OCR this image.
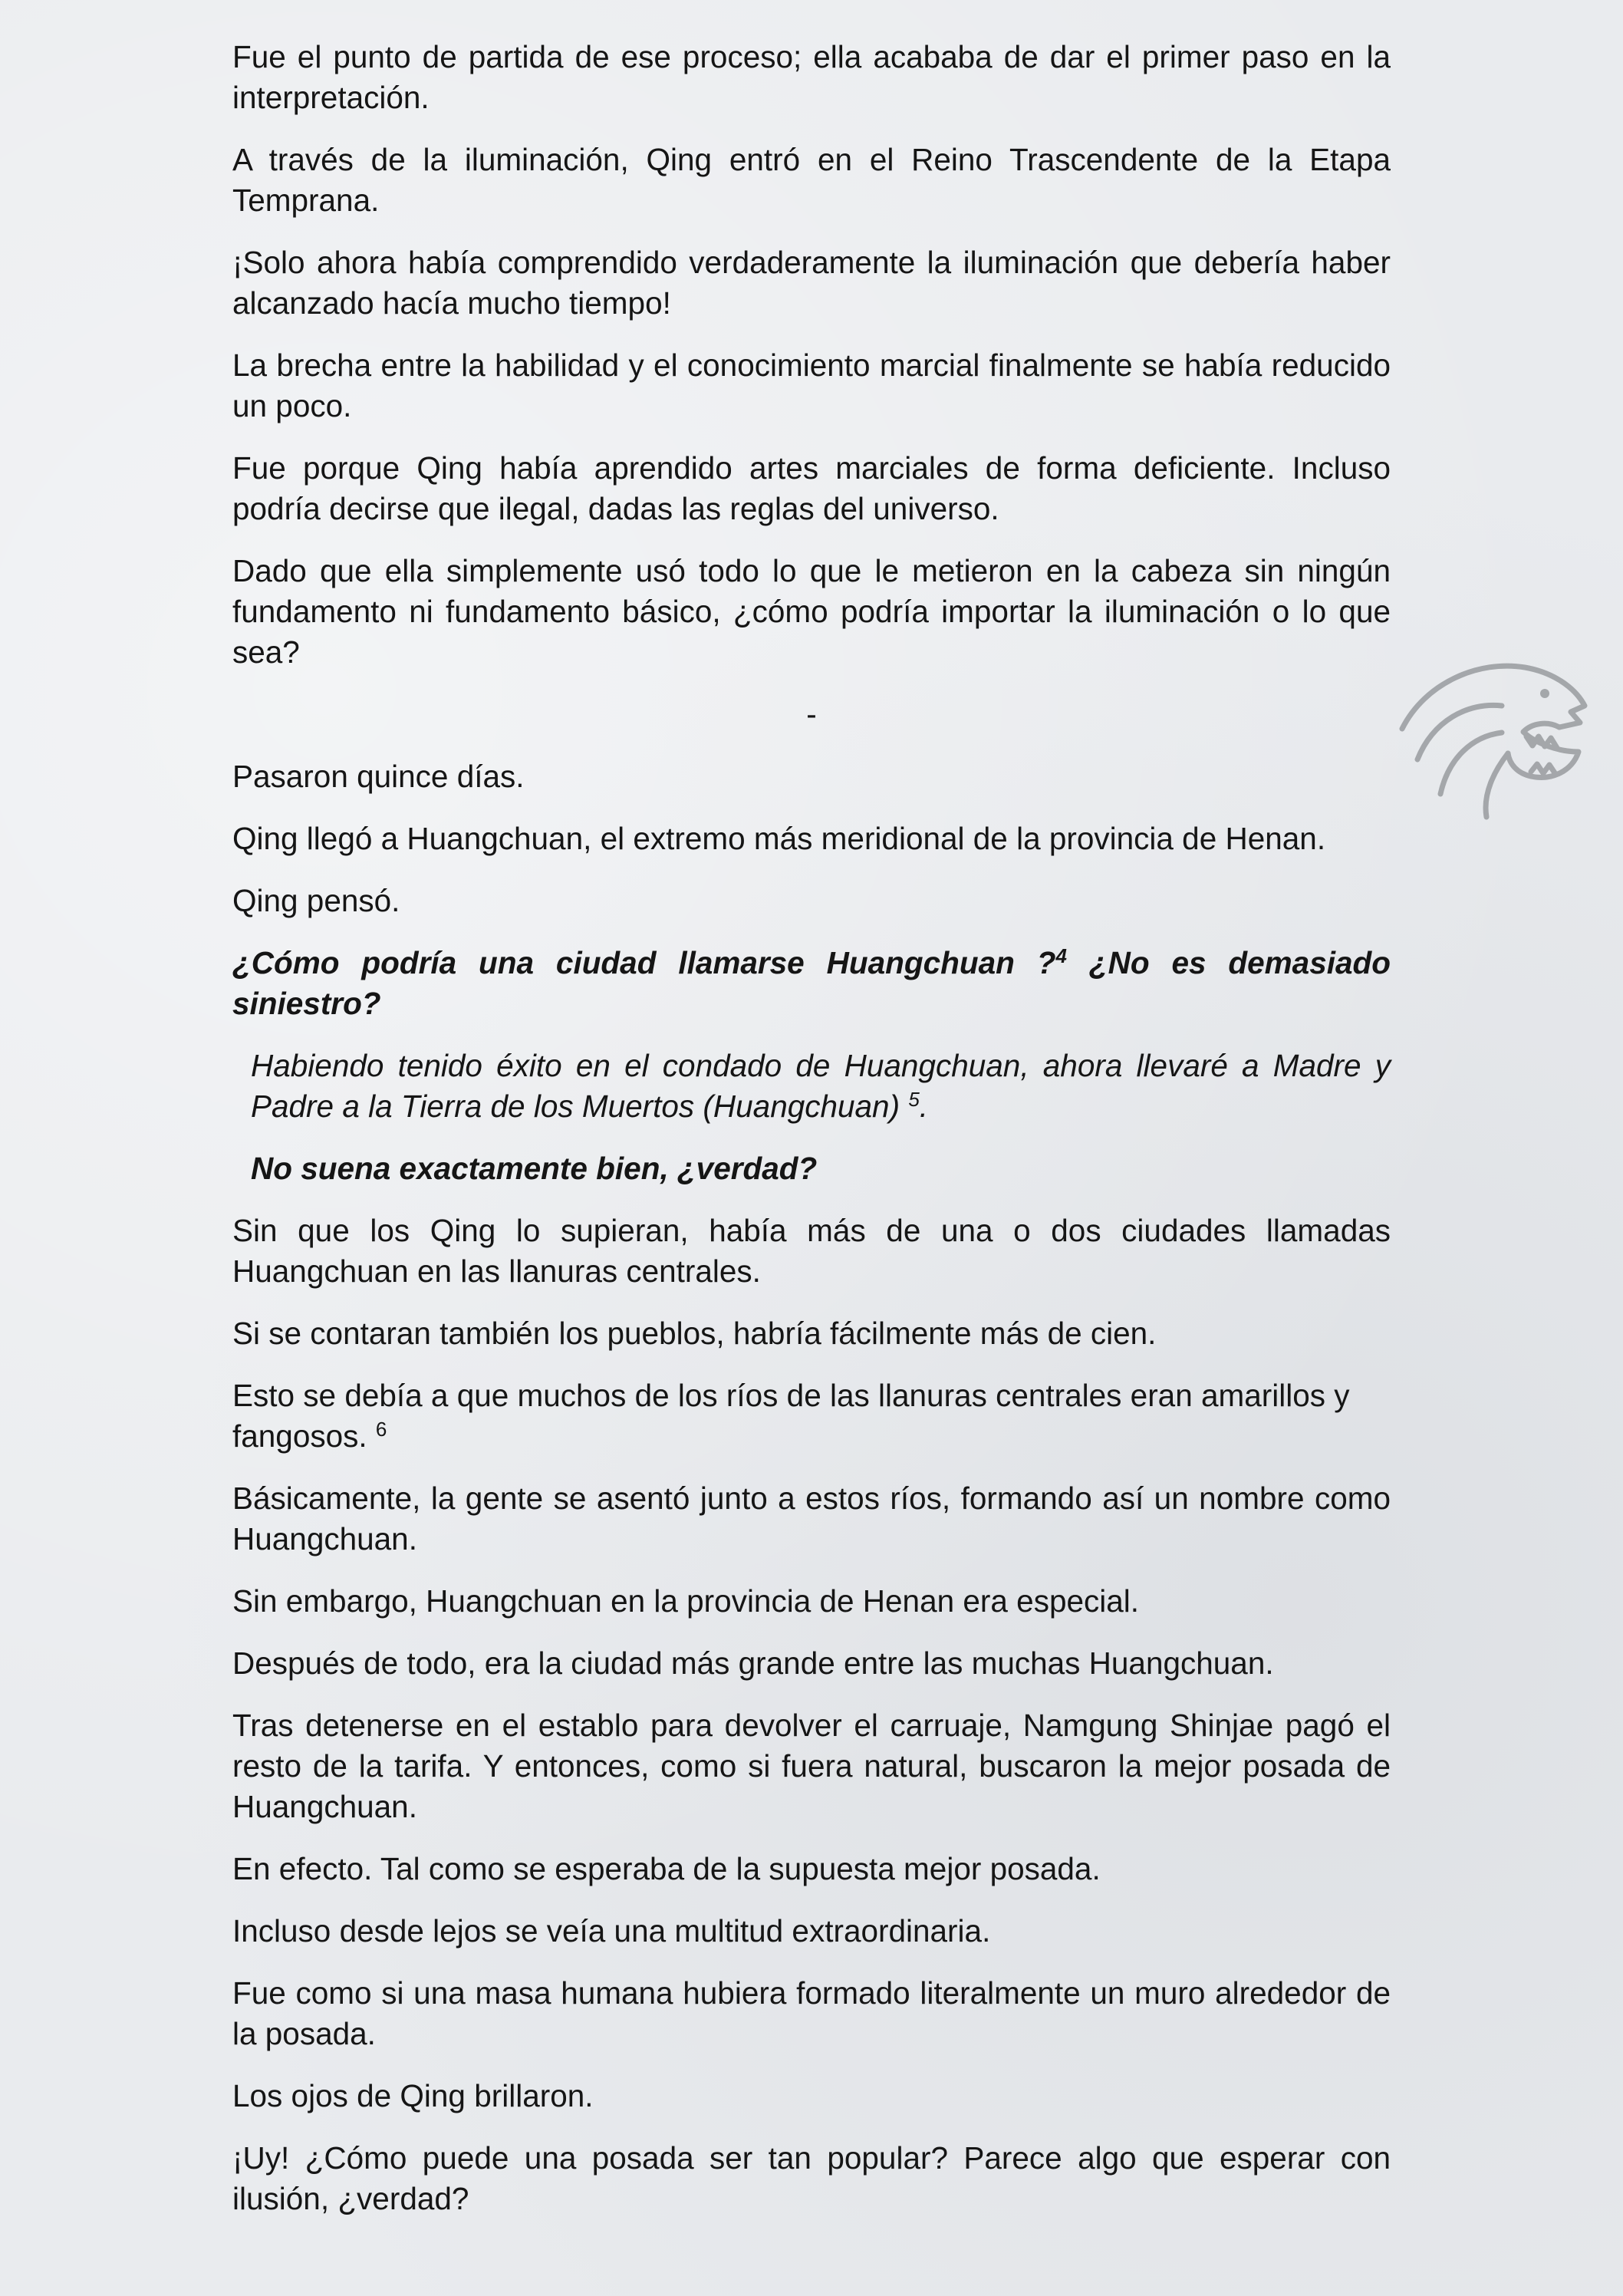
Fue el punto de partida de ese proceso; ella acababa de dar el primer paso en la interpretación.

A través de la iluminación, Qing entró en el Reino Trascendente de la Etapa Temprana.

¡Solo ahora había comprendido verdaderamente la iluminación que debería haber alcanzado hacía mucho tiempo!

La brecha entre la habilidad y el conocimiento marcial finalmente se había reducido un poco.

Fue porque Qing había aprendido artes marciales de forma deficiente. Incluso podría decirse que ilegal, dadas las reglas del universo.

Dado que ella simplemente usó todo lo que le metieron en la cabeza sin ningún fundamento ni fundamento básico, ¿cómo podría importar la iluminación o lo que sea?

-

Pasaron quince días.

Qing llegó a Huangchuan, el extremo más meridional de la provincia de Henan.

Qing pensó.

¿Cómo podría una ciudad llamarse Huangchuan ?$^4$ ¿No es demasiado siniestro?

Habiendo tenido éxito en el condado de Huangchuan, ahora llevaré a Madre y Padre a la Tierra de los Muertos (Huangchuan) $^5$.

No suena exactamente bien, ¿verdad?

Sin que los Qing lo supieran, había más de una o dos ciudades llamadas Huangchuan en las llanuras centrales.

Si se contaran también los pueblos, habría fácilmente más de cien.

Esto se debía a que muchos de los ríos de las llanuras centrales eran amarillos y fangosos. $^6$

Básicamente, la gente se asentó junto a estos ríos, formando así un nombre como Huangchuan.

Sin embargo, Huangchuan en la provincia de Henan era especial.

Después de todo, era la ciudad más grande entre las muchas Huangchuan.

Tras detenerse en el establo para devolver el carruaje, Namgung Shinjae pagó el resto de la tarifa. Y entonces, como si fuera natural, buscaron la mejor posada de Huangchuan.

En efecto. Tal como se esperaba de la supuesta mejor posada.

Incluso desde lejos se veía una multitud extraordinaria.

Fue como si una masa humana hubiera formado literalmente un muro alrededor de la posada.

Los ojos de Qing brillaron.

¡Uy! ¿Cómo puede una posada ser tan popular? Parece algo que esperar con ilusión, ¿verdad?
